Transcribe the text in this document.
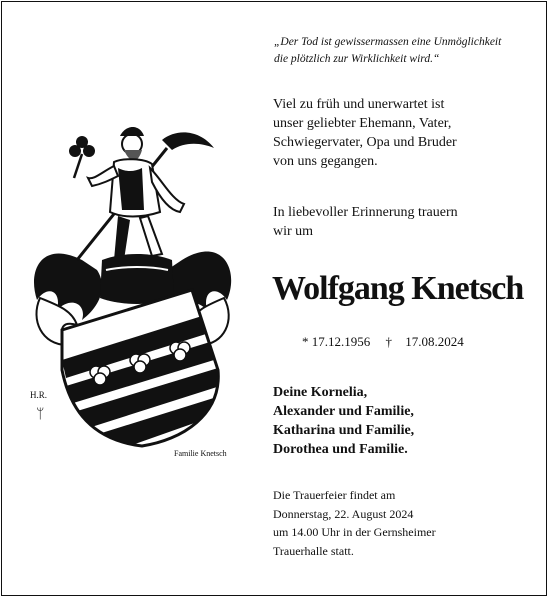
H.R.
ᛘ
Familie Knetsch
„Der Tod ist gewissermassen eine Unmöglichkeit
die plötzlich zur Wirklichkeit wird.“
Viel zu früh und unerwartet ist
unser geliebter Ehemann, Vater,
Schwiegervater, Opa und Bruder
von uns gegangen.
In liebevoller Erinnerung trauern
wir um
Wolfgang Knetsch
* 17.12.1956 † 17.08.2024
Deine Kornelia,
Alexander und Familie,
Katharina und Familie,
Dorothea und Familie.
Die Trauerfeier findet am
Donnerstag, 22. August 2024
um 14.00 Uhr in der Gernsheimer
Trauerhalle statt.
